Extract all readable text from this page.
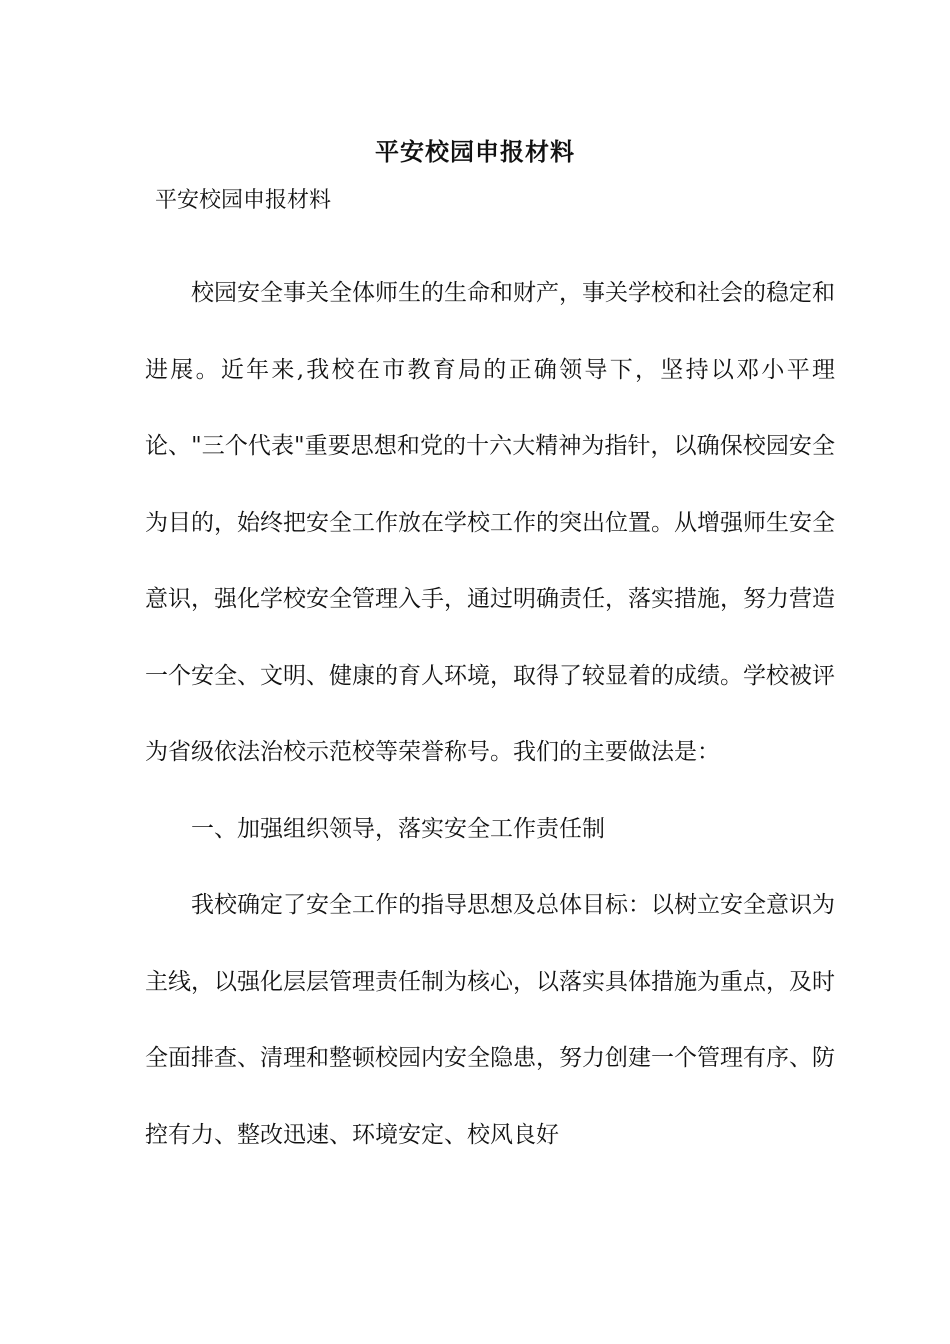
平安校园申报材料
平安校园申报材料

校园安全事关全体师生的生命和财产，事关学校和社会的稳定和进展。近年来,我校在市教育局的正确领导下，坚持以邓小平理论、"三个代表"重要思想和党的十六大精神为指针，以确保校园安全为目的，始终把安全工作放在学校工作的突出位置。从增强师生安全意识，强化学校安全管理入手，通过明确责任，落实措施，努力营造一个安全、文明、健康的育人环境，取得了较显着的成绩。学校被评为省级依法治校示范校等荣誉称号。我们的主要做法是：

一、加强组织领导，落实安全工作责任制

我校确定了安全工作的指导思想及总体目标：以树立安全意识为主线，以强化层层管理责任制为核心，以落实具体措施为重点，及时全面排查、清理和整顿校园内安全隐患，努力创建一个管理有序、防控有力、整改迅速、环境安定、校风良好
